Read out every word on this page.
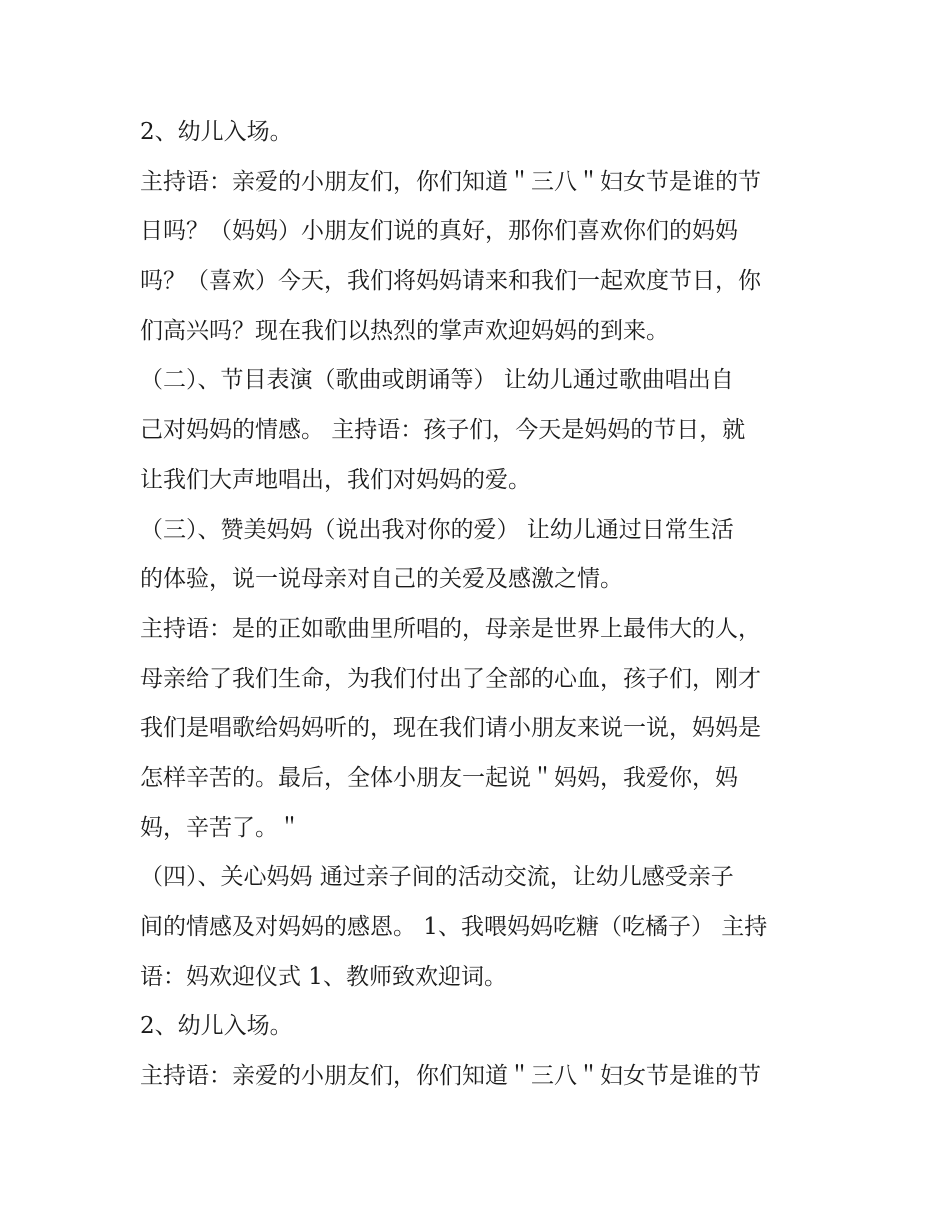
2、幼儿入场。
主持语：亲爱的小朋友们，你们知道＂三八＂妇女节是谁的节
日吗？（妈妈）小朋友们说的真好，那你们喜欢你们的妈妈
吗？（喜欢）今天，我们将妈妈请来和我们一起欢度节日，你
们高兴吗？现在我们以热烈的掌声欢迎妈妈的到来。
（二）、节目表演（歌曲或朗诵等） 让幼儿通过歌曲唱出自
己对妈妈的情感。 主持语：孩子们，今天是妈妈的节日，就
让我们大声地唱出，我们对妈妈的爱。
（三）、赞美妈妈（说出我对你的爱） 让幼儿通过日常生活
的体验，说一说母亲对自己的关爱及感激之情。
主持语：是的正如歌曲里所唱的，母亲是世界上最伟大的人，
母亲给了我们生命，为我们付出了全部的心血，孩子们，刚才
我们是唱歌给妈妈听的，现在我们请小朋友来说一说，妈妈是
怎样辛苦的。最后，全体小朋友一起说＂妈妈，我爱你，妈
妈，辛苦了。＂
（四）、关心妈妈 通过亲子间的活动交流，让幼儿感受亲子
间的情感及对妈妈的感恩。 1、我喂妈妈吃糖（吃橘子） 主持
语：妈欢迎仪式 1、教师致欢迎词。
2、幼儿入场。
主持语：亲爱的小朋友们，你们知道＂三八＂妇女节是谁的节
